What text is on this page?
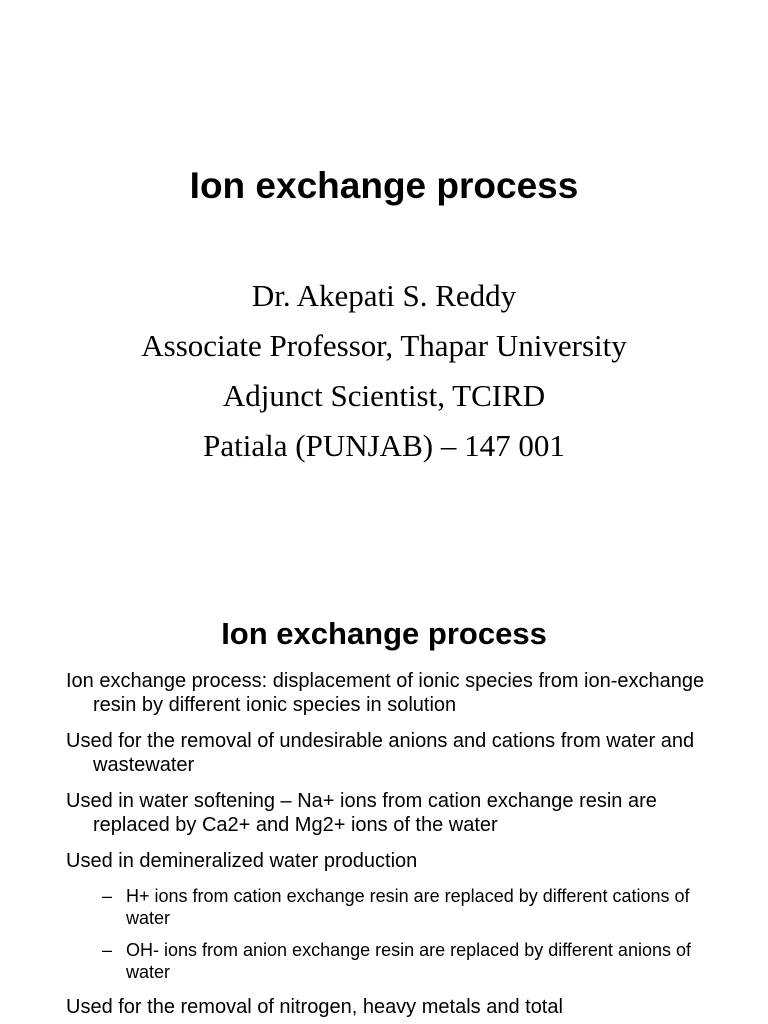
Ion exchange process
Dr. Akepati S. Reddy
Associate Professor, Thapar University
Adjunct Scientist, TCIRD
Patiala (PUNJAB) – 147 001
Ion exchange process
Ion exchange process: displacement of ionic species from ion-exchange resin by different ionic species in solution
Used for the removal of undesirable anions and cations from water and wastewater
Used in water softening – Na+ ions from cation exchange resin are replaced by Ca2+ and Mg2+ ions of the water
Used in demineralized water production
– H+ ions from cation exchange resin are replaced by different cations of water
– OH- ions from anion exchange resin are replaced by different anions of water
Used for the removal of nitrogen, heavy metals and total
